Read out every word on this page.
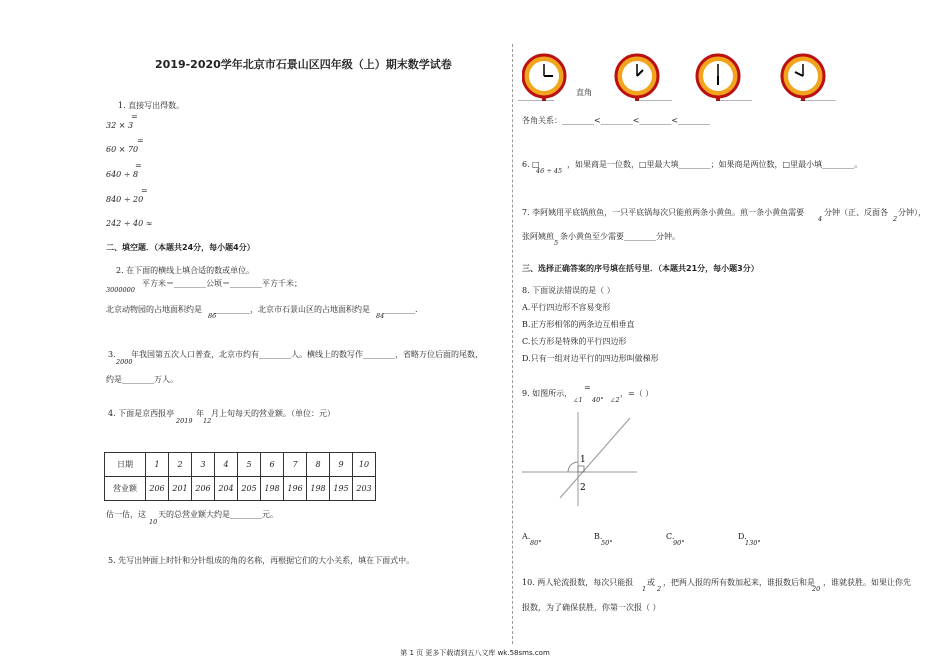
2019-2020学年北京市石景山区四年级（上）期末数学试卷
1. 直接写出得数。
32 × 3
=
60 × 70
=
640 ÷ 8
=
840 ÷ 20
=
242 ÷ 40 ≈
二、填空题．（本题共24分，每小题4分）
2. 在下面的横线上填合适的数或单位。
平方米＝________公顷＝________平方千米；
3000000
北京动物园的占地面积约是
86
_________，北京市石景山区的占地面积约是
84
________.
3.
2000
年我国第五次人口普查，北京市约有________人。横线上的数写作________，省略万位后面的尾数，
约是________万人。
4. 下面是京西报亭
2019
年
12
月上旬每天的营业额。（单位：元）
日期	1	2	3	4	5	6	7	8	9	10
营业额	206	201	206	204	205	198	196	198	195	203
估一估，这
10
天的总营业额大约是________元。
5. 先写出钟面上时针和分针组成的角的名称，再根据它们的大小关系，填在下面式中。
直角
_________	_________	_________	_________
各角关系：________<________<________<________
6. □
46 ÷ 45
，如果商是一位数，□里最大填________；如果商是两位数，□里最小填________。
7. 李阿姨用平底锅煎鱼，一只平底锅每次只能煎两条小黄鱼。煎一条小黄鱼需要
4
分钟（正、反面各
2
分钟），
张阿姨煎
5
条小黄鱼至少需要________分钟。
三、选择正确答案的序号填在括号里．（本题共21分，每小题3分）
8. 下面说法错误的是（ ）
A.平行四边形不容易变形
B.正方形相邻的两条边互相垂直
C.长方形是特殊的平行四边形
D.只有一组对边平行的四边形叫做梯形
9. 如图所示，
∠1
=
40° ∠2
，=（ ）
1
2
A.
80°
B.
50°
C.
90°
D.
130°
10. 两人轮流报数，每次只能报
1
或
2
，把两人报的所有数加起来，谁报数后和是
20
，谁就获胜。如果让你先
报数，为了确保获胜，你第一次报（ ）
第 1 页 更多下载请到五八文库 wk.58sms.com
